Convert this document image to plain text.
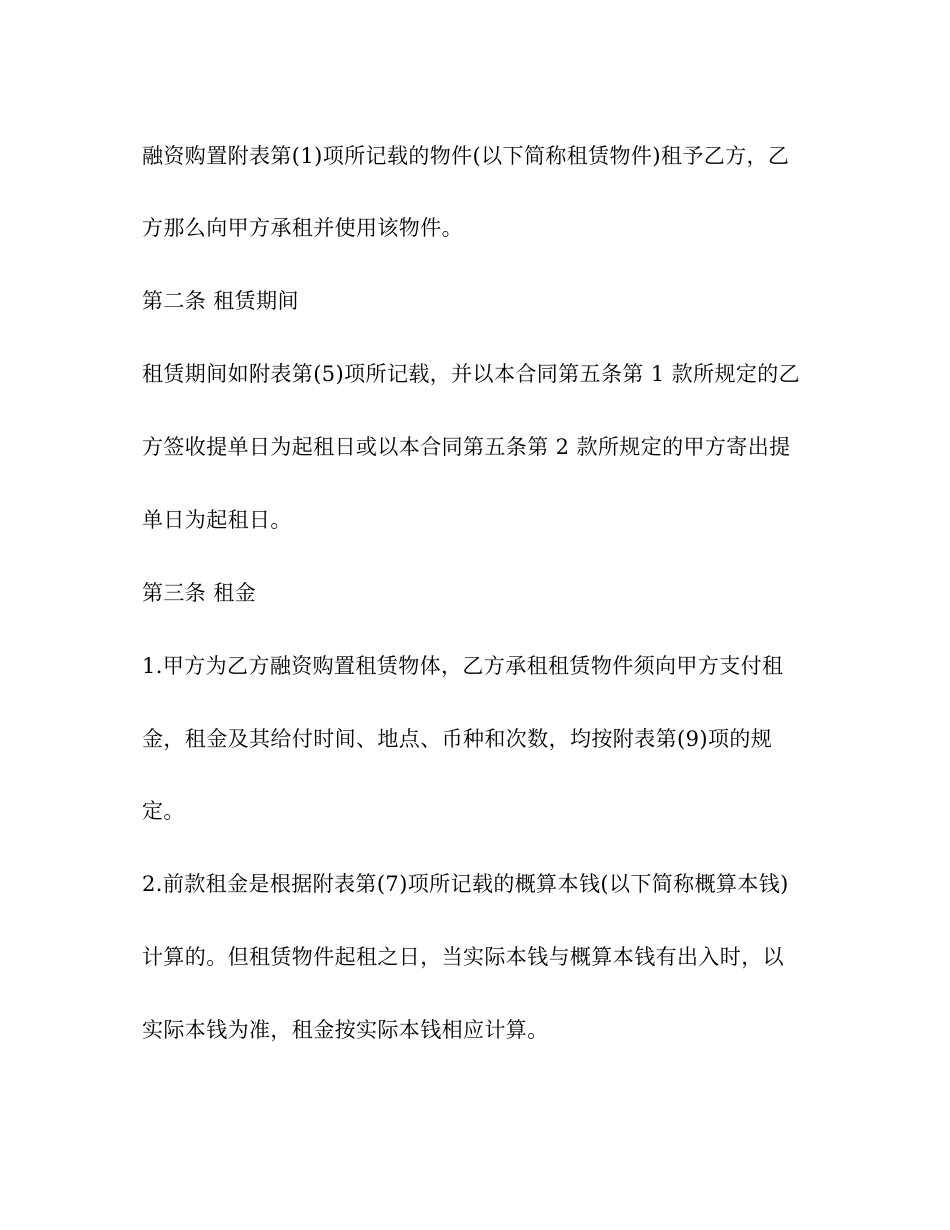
融资购置附表第(1)项所记载的物件(以下简称租赁物件)租予乙方，乙
方那么向甲方承租并使用该物件。
第二条 租赁期间
租赁期间如附表第(5)项所记载，并以本合同第五条第 1 款所规定的乙
方签收提单日为起租日或以本合同第五条第 2 款所规定的甲方寄出提
单日为起租日。
第三条 租金
1.甲方为乙方融资购置租赁物体，乙方承租租赁物件须向甲方支付租
金，租金及其给付时间、地点、币种和次数，均按附表第(9)项的规
定。
2.前款租金是根据附表第(7)项所记载的概算本钱(以下简称概算本钱)
计算的。但租赁物件起租之日，当实际本钱与概算本钱有出入时，以
实际本钱为准，租金按实际本钱相应计算。
